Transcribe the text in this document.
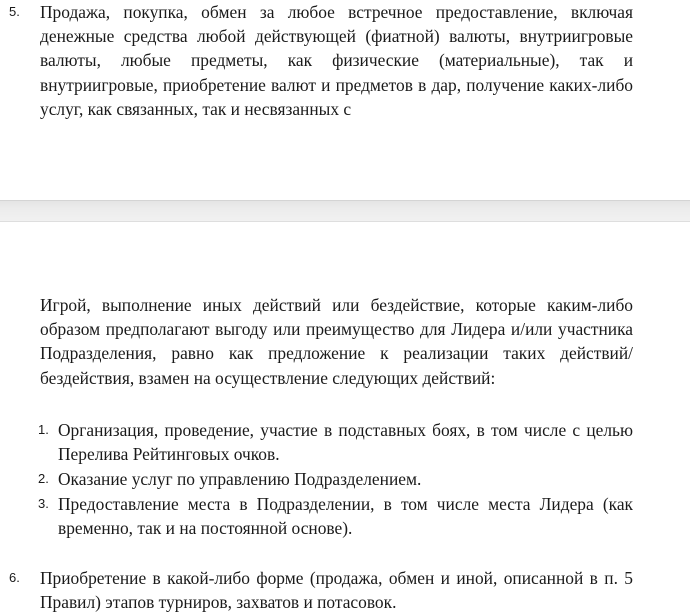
5. Продажа, покупка, обмен за любое встречное предоставление, включая денежные средства любой действующей (фиатной) валюты, внутриигровые валюты, любые предметы, как физические (материальные), так и внутриигровые, приобретение валют и предметов в дар, получение каких-либо услуг, как связанных, так и несвязанных с

Игрой, выполнение иных действий или бездействие, которые каким-либо образом предполагают выгоду или преимущество для Лидера и/или участника Подразделения, равно как предложение к реализации таких действий/бездействия, взамен на осуществление следующих действий:

1. Организация, проведение, участие в подставных боях, в том числе с целью Перелива Рейтинговых очков.

2. Оказание услуг по управлению Подразделением.

3. Предоставление места в Подразделении, в том числе места Лидера (как временно, так и на постоянной основе).

6. Приобретение в какой-либо форме (продажа, обмен и иной, описанной в п. 5 Правил) этапов турниров, захватов и потасовок.
